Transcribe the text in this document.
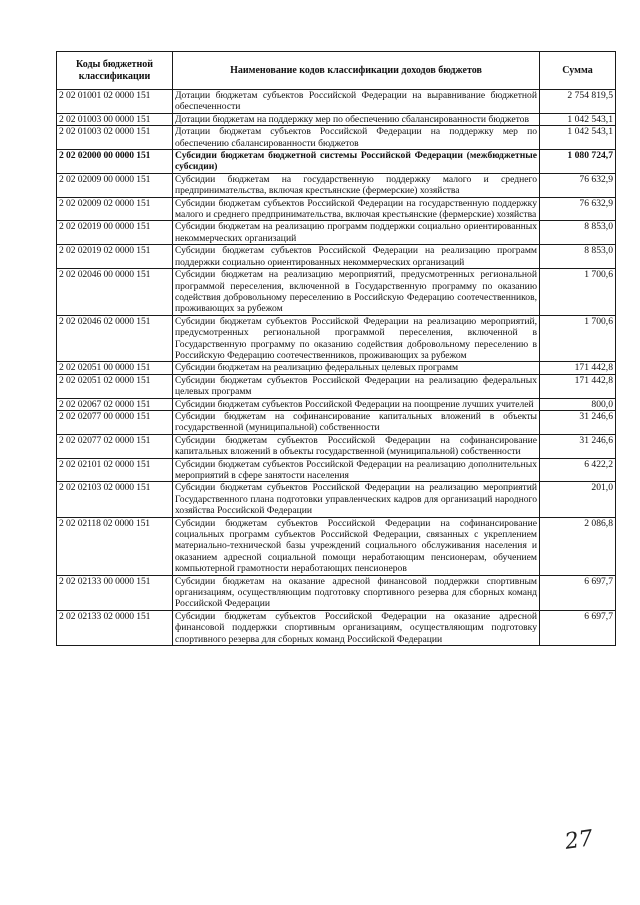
Коды бюджетной классификации	Наименование кодов классификации доходов бюджетов	Сумма
2 02 01001 02 0000 151	Дотации бюджетам субъектов Российской Федерации на выравнивание бюджетной обеспеченности	2 754 819,5
2 02 01003 00 0000 151	Дотации бюджетам на поддержку мер по обеспечению сбалансированности бюджетов	1 042 543,1
2 02 01003 02 0000 151	Дотации бюджетам субъектов Российской Федерации на поддержку мер по обеспечению сбалансированности бюджетов	1 042 543,1
2 02 02000 00 0000 151	Субсидии бюджетам бюджетной системы Российской Федерации (межбюджетные субсидии)	1 080 724,7
2 02 02009 00 0000 151	Субсидии бюджетам на государственную поддержку малого и среднего предпринимательства, включая крестьянские (фермерские) хозяйства	76 632,9
2 02 02009 02 0000 151	Субсидии бюджетам субъектов Российской Федерации на государственную поддержку малого и среднего предпринимательства, включая крестьянские (фермерские) хозяйства	76 632,9
2 02 02019 00 0000 151	Субсидии бюджетам на реализацию программ поддержки социально ориентированных некоммерческих организаций	8 853,0
2 02 02019 02 0000 151	Субсидии бюджетам субъектов Российской Федерации на реализацию программ поддержки социально ориентированных некоммерческих организаций	8 853,0
2 02 02046 00 0000 151	Субсидии бюджетам на реализацию мероприятий, предусмотренных региональной программой переселения, включенной в Государственную программу по оказанию содействия добровольному переселению в Российскую Федерацию соотечественников, проживающих за рубежом	1 700,6
2 02 02046 02 0000 151	Субсидии бюджетам субъектов Российской Федерации на реализацию мероприятий, предусмотренных региональной программой переселения, включенной в Государственную программу по оказанию содействия добровольному переселению в Российскую Федерацию соотечественников, проживающих за рубежом	1 700,6
2 02 02051 00 0000 151	Субсидии бюджетам на реализацию федеральных целевых программ	171 442,8
2 02 02051 02 0000 151	Субсидии бюджетам субъектов Российской Федерации на реализацию федеральных целевых программ	171 442,8
2 02 02067 02 0000 151	Субсидии бюджетам субъектов Российской Федерации на поощрение лучших учителей	800,0
2 02 02077 00 0000 151	Субсидии бюджетам на софинансирование капитальных вложений в объекты государственной (муниципальной) собственности	31 246,6
2 02 02077 02 0000 151	Субсидии бюджетам субъектов Российской Федерации на софинансирование капитальных вложений в объекты государственной (муниципальной) собственности	31 246,6
2 02 02101 02 0000 151	Субсидии бюджетам субъектов Российской Федерации на реализацию дополнительных мероприятий в сфере занятости населения	6 422,2
2 02 02103 02 0000 151	Субсидии бюджетам субъектов Российской Федерации на реализацию мероприятий Государственного плана подготовки управленческих кадров для организаций народного хозяйства Российской Федерации	201,0
2 02 02118 02 0000 151	Субсидии бюджетам субъектов Российской Федерации на софинансирование социальных программ субъектов Российской Федерации, связанных с укреплением материально-технической базы учреждений социального обслуживания населения и оказанием адресной социальной помощи неработающим пенсионерам, обучением компьютерной грамотности неработающих пенсионеров	2 086,8
2 02 02133 00 0000 151	Субсидии бюджетам на оказание адресной финансовой поддержки спортивным организациям, осуществляющим подготовку спортивного резерва для сборных команд Российской Федерации	6 697,7
2 02 02133 02 0000 151	Субсидии бюджетам субъектов Российской Федерации на оказание адресной финансовой поддержки спортивным организациям, осуществляющим подготовку спортивного резерва для сборных команд Российской Федерации	6 697,7
27
